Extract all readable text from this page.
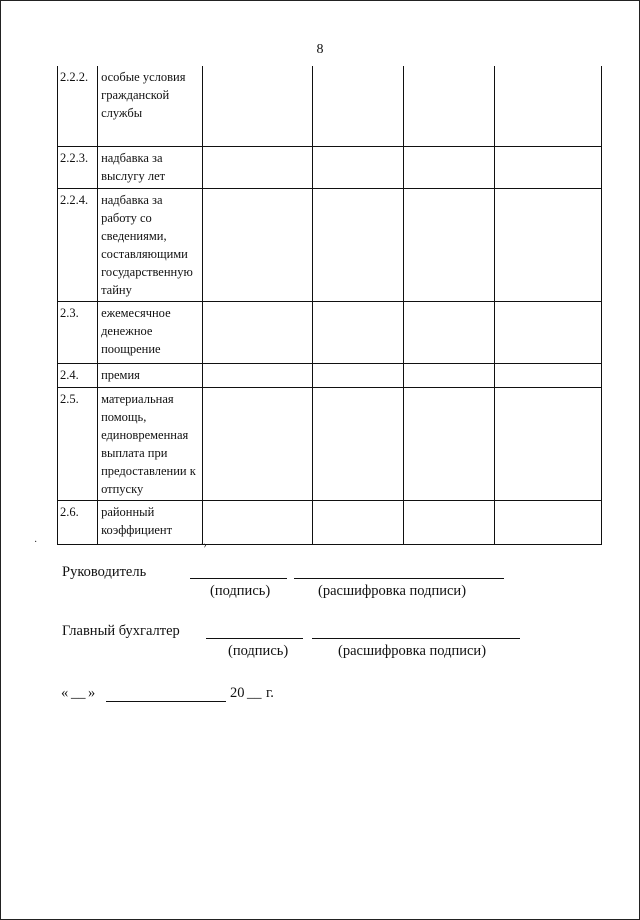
8
2.2.2.	особые условия гражданской службы				
2.2.3.	надбавка за выслугу лет				
2.2.4.	надбавка за работу со сведениями, составляющими государственную тайну				
2.3.	ежемесячное денежное поощрение				
2.4.	премия				
2.5.	материальная помощь, единовременная выплата при предоставлении к отпуску				
2.6.	районный коэффициент				
·›
·
Руководитель
(подпись)	(расшифровка подписи)
Главный бухгалтер
(подпись)	(расшифровка подписи)
« __ »	20 __ г.
